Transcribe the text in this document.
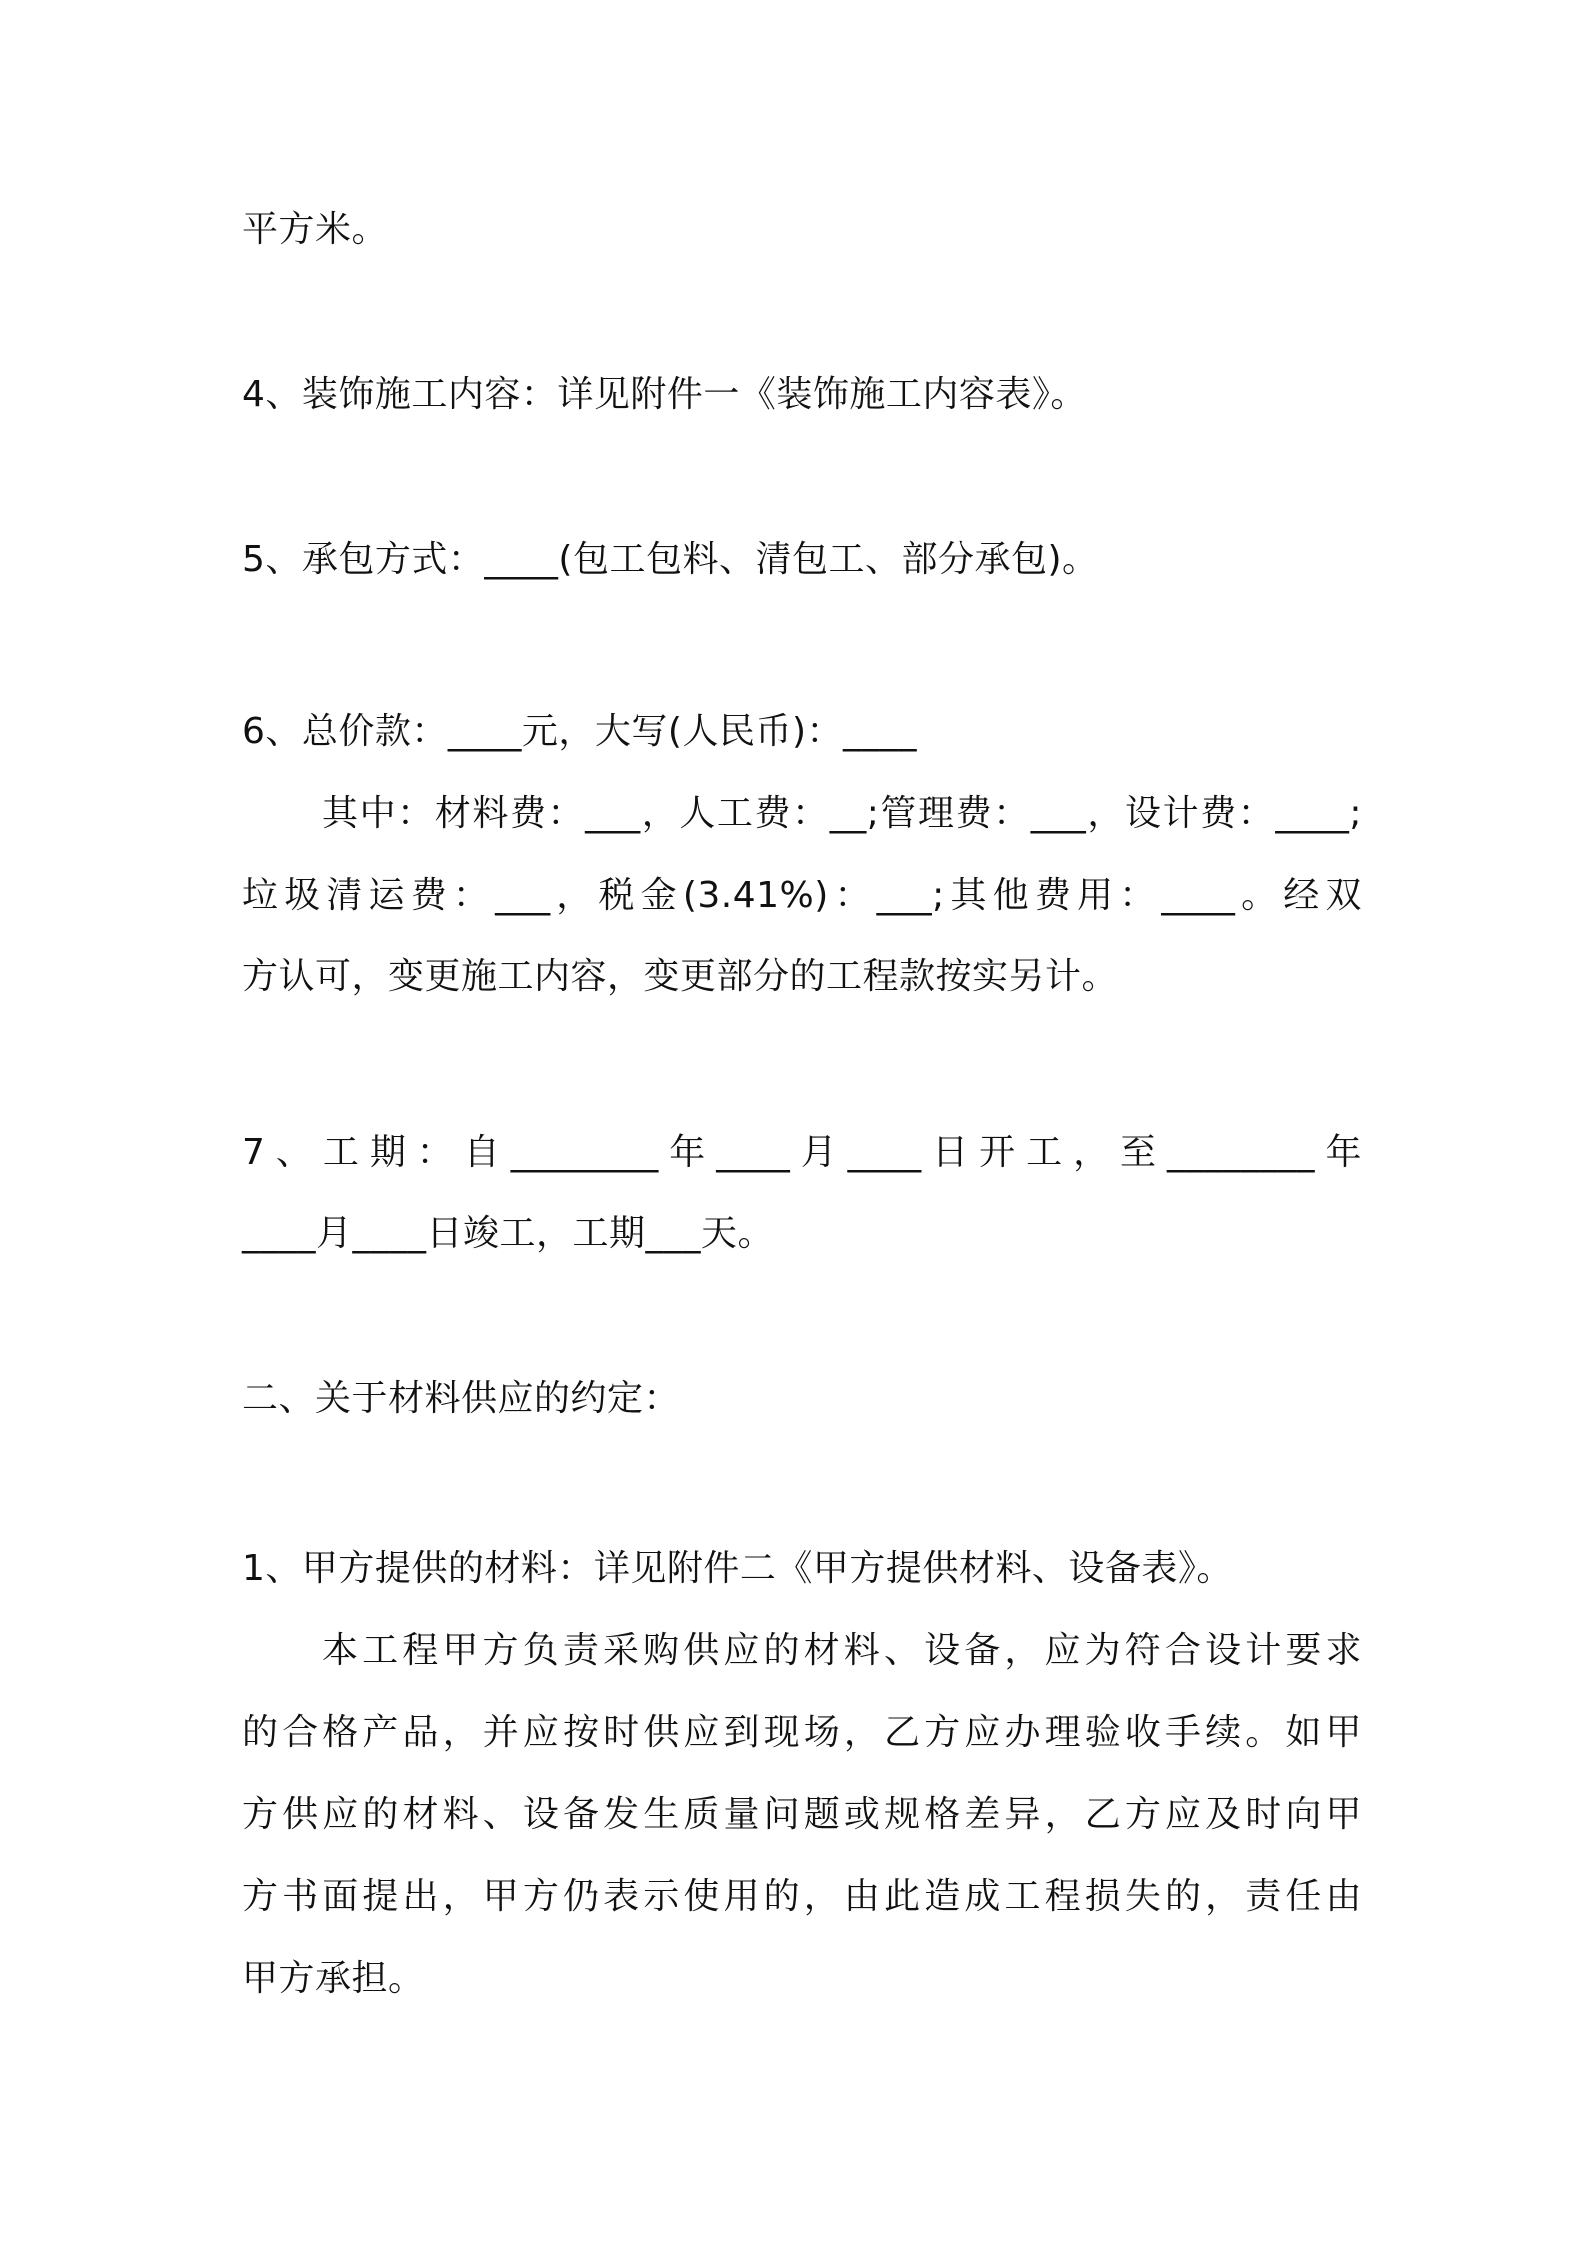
平方米。
4、装饰施工内容：详见附件一《装饰施工内容表》。
5、承包方式：____(包工包料、清包工、部分承包)。
6、总价款：____元，大写(人民币)：____
其中：材料费：___，人工费：__;管理费：___，设计费：____;
垃圾清运费：___，税金(3.41%)：___;其他费用：____。经双
方认可，变更施工内容，变更部分的工程款按实另计。
7、工期：自________年____月____日开工，至________年
____月____日竣工，工期___天。
二、关于材料供应的约定：
1、甲方提供的材料：详见附件二《甲方提供材料、设备表》。
本工程甲方负责采购供应的材料、设备，应为符合设计要求
的合格产品，并应按时供应到现场，乙方应办理验收手续。如甲
方供应的材料、设备发生质量问题或规格差异，乙方应及时向甲
方书面提出，甲方仍表示使用的，由此造成工程损失的，责任由
甲方承担。
